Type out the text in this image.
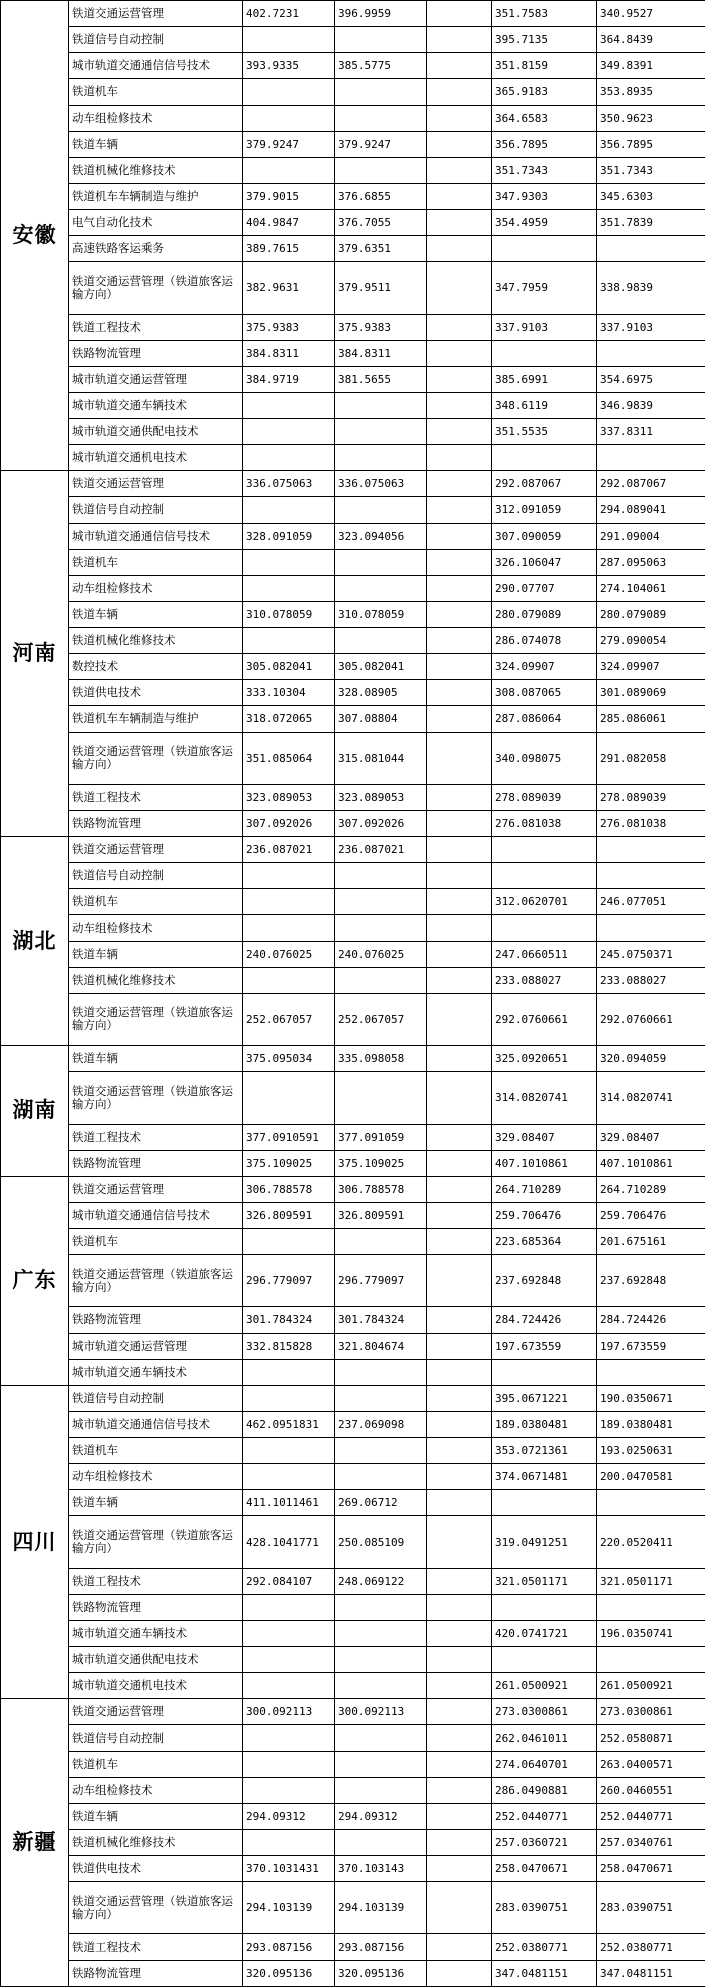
安徽	铁道交通运营管理	402.7231	396.9959		351.7583	340.9527
	铁道信号自动控制				395.7135	364.8439
	城市轨道交通通信信号技术	393.9335	385.5775		351.8159	349.8391
	铁道机车				365.9183	353.8935
	动车组检修技术				364.6583	350.9623
	铁道车辆	379.9247	379.9247		356.7895	356.7895
	铁道机械化维修技术				351.7343	351.7343
	铁道机车车辆制造与维护	379.9015	376.6855		347.9303	345.6303
	电气自动化技术	404.9847	376.7055		354.4959	351.7839
	高速铁路客运乘务	389.7615	379.6351			
	铁道交通运营管理（铁道旅客运输方向）	382.9631	379.9511		347.7959	338.9839
	铁道工程技术	375.9383	375.9383		337.9103	337.9103
	铁路物流管理	384.8311	384.8311			
	城市轨道交通运营管理	384.9719	381.5655		385.6991	354.6975
	城市轨道交通车辆技术				348.6119	346.9839
	城市轨道交通供配电技术				351.5535	337.8311
	城市轨道交通机电技术					
河南	铁道交通运营管理	336.075063	336.075063		292.087067	292.087067
	铁道信号自动控制				312.091059	294.089041
	城市轨道交通通信信号技术	328.091059	323.094056		307.090059	291.09004
	铁道机车				326.106047	287.095063
	动车组检修技术				290.07707	274.104061
	铁道车辆	310.078059	310.078059		280.079089	280.079089
	铁道机械化维修技术				286.074078	279.090054
	数控技术	305.082041	305.082041		324.09907	324.09907
	铁道供电技术	333.10304	328.08905		308.087065	301.089069
	铁道机车车辆制造与维护	318.072065	307.08804		287.086064	285.086061
	铁道交通运营管理（铁道旅客运输方向）	351.085064	315.081044		340.098075	291.082058
	铁道工程技术	323.089053	323.089053		278.089039	278.089039
	铁路物流管理	307.092026	307.092026		276.081038	276.081038
湖北	铁道交通运营管理	236.087021	236.087021			
	铁道信号自动控制					
	铁道机车				312.0620701	246.077051
	动车组检修技术					
	铁道车辆	240.076025	240.076025		247.0660511	245.0750371
	铁道机械化维修技术				233.088027	233.088027
	铁道交通运营管理（铁道旅客运输方向）	252.067057	252.067057		292.0760661	292.0760661
湖南	铁道车辆	375.095034	335.098058		325.0920651	320.094059
	铁道交通运营管理（铁道旅客运输方向）				314.0820741	314.0820741
	铁道工程技术	377.0910591	377.091059		329.08407	329.08407
	铁路物流管理	375.109025	375.109025		407.1010861	407.1010861
广东	铁道交通运营管理	306.788578	306.788578		264.710289	264.710289
	城市轨道交通通信信号技术	326.809591	326.809591		259.706476	259.706476
	铁道机车				223.685364	201.675161
	铁道交通运营管理（铁道旅客运输方向）	296.779097	296.779097		237.692848	237.692848
	铁路物流管理	301.784324	301.784324		284.724426	284.724426
	城市轨道交通运营管理	332.815828	321.804674		197.673559	197.673559
	城市轨道交通车辆技术					
四川	铁道信号自动控制				395.0671221	190.0350671
	城市轨道交通通信信号技术	462.0951831	237.069098		189.0380481	189.0380481
	铁道机车				353.0721361	193.0250631
	动车组检修技术				374.0671481	200.0470581
	铁道车辆	411.1011461	269.06712			
	铁道交通运营管理（铁道旅客运输方向）	428.1041771	250.085109		319.0491251	220.0520411
	铁道工程技术	292.084107	248.069122		321.0501171	321.0501171
	铁路物流管理					
	城市轨道交通车辆技术				420.0741721	196.0350741
	城市轨道交通供配电技术					
	城市轨道交通机电技术				261.0500921	261.0500921
新疆	铁道交通运营管理	300.092113	300.092113		273.0300861	273.0300861
	铁道信号自动控制				262.0461011	252.0580871
	铁道机车				274.0640701	263.0400571
	动车组检修技术				286.0490881	260.0460551
	铁道车辆	294.09312	294.09312		252.0440771	252.0440771
	铁道机械化维修技术				257.0360721	257.0340761
	铁道供电技术	370.1031431	370.103143		258.0470671	258.0470671
	铁道交通运营管理（铁道旅客运输方向）	294.103139	294.103139		283.0390751	283.0390751
	铁道工程技术	293.087156	293.087156		252.0380771	252.0380771
	铁路物流管理	320.095136	320.095136		347.0481151	347.0481151
